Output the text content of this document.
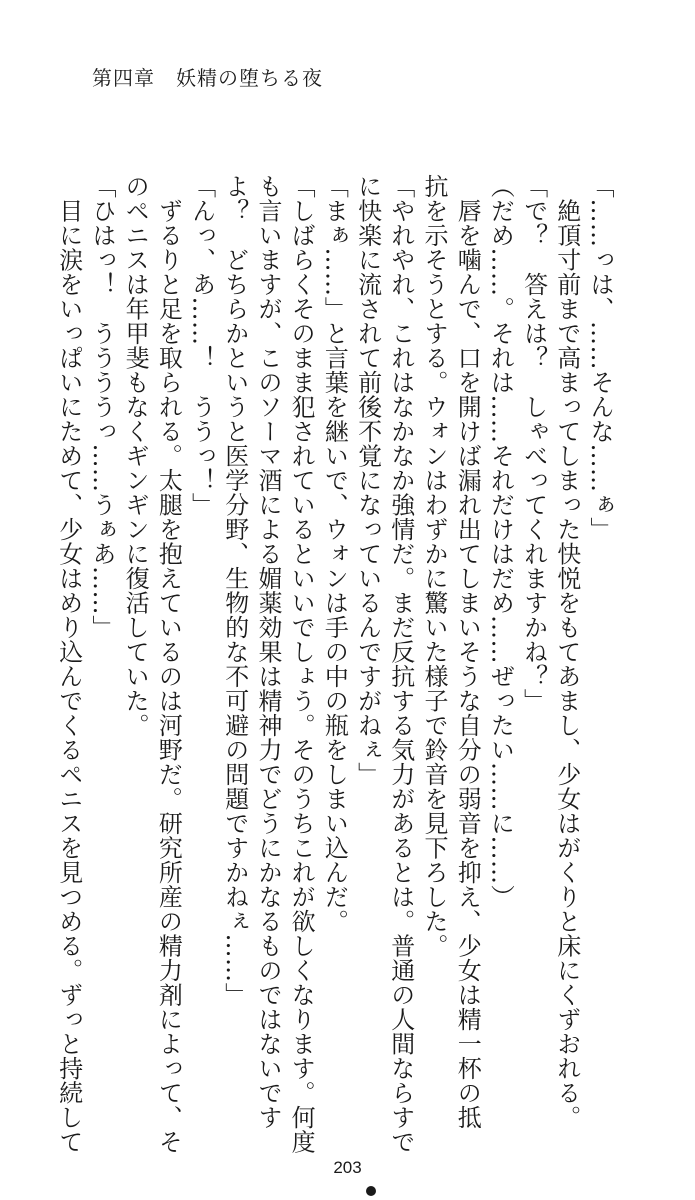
第四章　妖精の堕ちる夜
「……っは、……そんな……ぁ」
　絶頂寸前まで高まってしまった快悦をもてあまし、少女はがくりと床にくずおれる。
「で？　答えは？　しゃべってくれますかね？」
（だめ……。それは……それだけはだめ……ぜったい……に……）
　唇を噛んで、口を開けば漏れ出てしまいそうな自分の弱音を抑え、少女は精一杯の抵
抗を示そうとする。ウォンはわずかに驚いた様子で鈴音を見下ろした。
「やれやれ、これはなかなか強情だ。まだ反抗する気力があるとは。普通の人間ならすで
に快楽に流されて前後不覚になっているんですがねぇ」
「まぁ……」と言葉を継いで、ウォンは手の中の瓶をしまい込んだ。
「しばらくそのまま犯されているといいでしょう。そのうちこれが欲しくなります。何度
も言いますが、このソーマ酒による媚薬効果は精神力でどうにかなるものではないです
よ？　どちらかというと医学分野、生物的な不可避の問題ですかねぇ……」
「んっ、あ……！　ううっ！」
　ずるりと足を取られる。太腿を抱えているのは河野だ。研究所産の精力剤によって、そ
のペニスは年甲斐もなくギンギンに復活していた。
「ひはっ！　ううううっ……うぁあ……」
　目に涙をいっぱいにためて、少女はめり込んでくるペニスを見つめる。ずっと持続して
203
